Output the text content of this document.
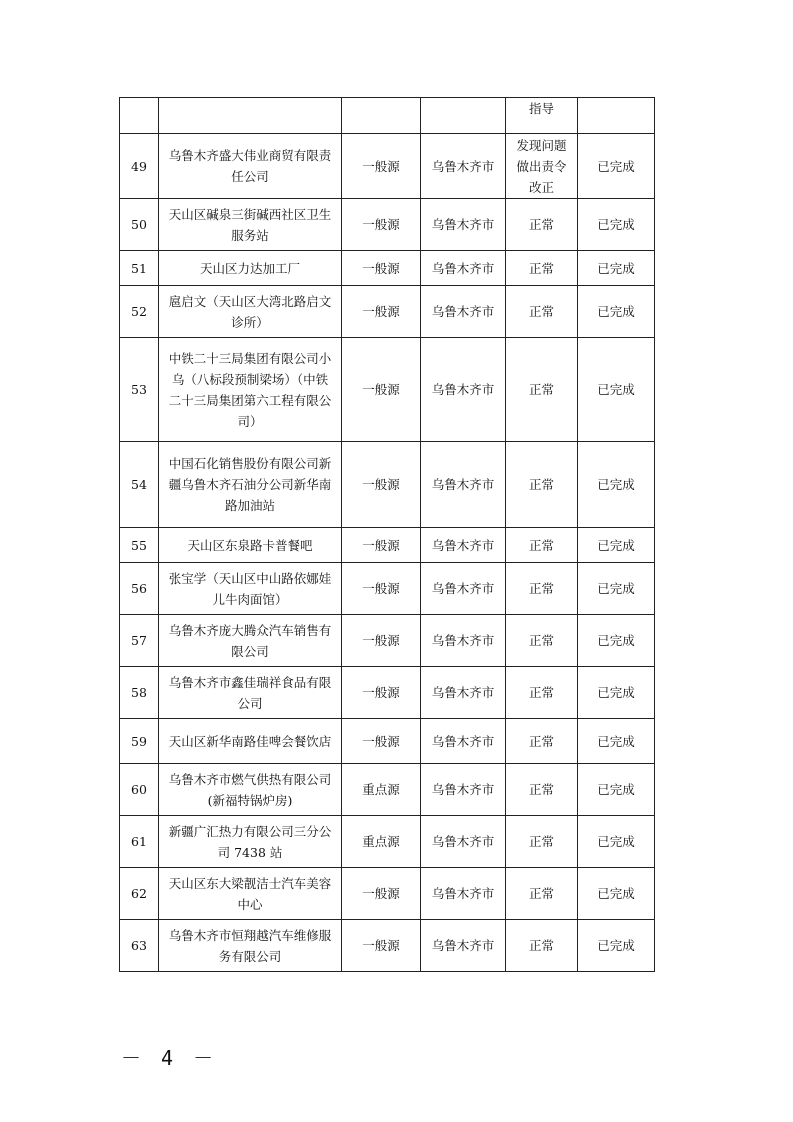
				指导	
49	乌鲁木齐盛大伟业商贸有限责任公司	一般源	乌鲁木齐市	发现问题做出责令改正	已完成
50	天山区碱泉三街碱西社区卫生服务站	一般源	乌鲁木齐市	正常	已完成
51	天山区力达加工厂	一般源	乌鲁木齐市	正常	已完成
52	扈启文（天山区大湾北路启文诊所）	一般源	乌鲁木齐市	正常	已完成
53	中铁二十三局集团有限公司小乌（八标段预制梁场）（中铁二十三局集团第六工程有限公司）	一般源	乌鲁木齐市	正常	已完成
54	中国石化销售股份有限公司新疆乌鲁木齐石油分公司新华南路加油站	一般源	乌鲁木齐市	正常	已完成
55	天山区东泉路卡普餐吧	一般源	乌鲁木齐市	正常	已完成
56	张宝学（天山区中山路依娜娃儿牛肉面馆）	一般源	乌鲁木齐市	正常	已完成
57	乌鲁木齐庞大腾众汽车销售有限公司	一般源	乌鲁木齐市	正常	已完成
58	乌鲁木齐市鑫佳瑞祥食品有限公司	一般源	乌鲁木齐市	正常	已完成
59	天山区新华南路佳啤会餐饮店	一般源	乌鲁木齐市	正常	已完成
60	乌鲁木齐市燃气供热有限公司(新福特锅炉房)	重点源	乌鲁木齐市	正常	已完成
61	新疆广汇热力有限公司三分公司 7438 站	重点源	乌鲁木齐市	正常	已完成
62	天山区东大梁靓洁士汽车美容中心	一般源	乌鲁木齐市	正常	已完成
63	乌鲁木齐市恒翔越汽车维修服务有限公司	一般源	乌鲁木齐市	正常	已完成
－ 4 －
